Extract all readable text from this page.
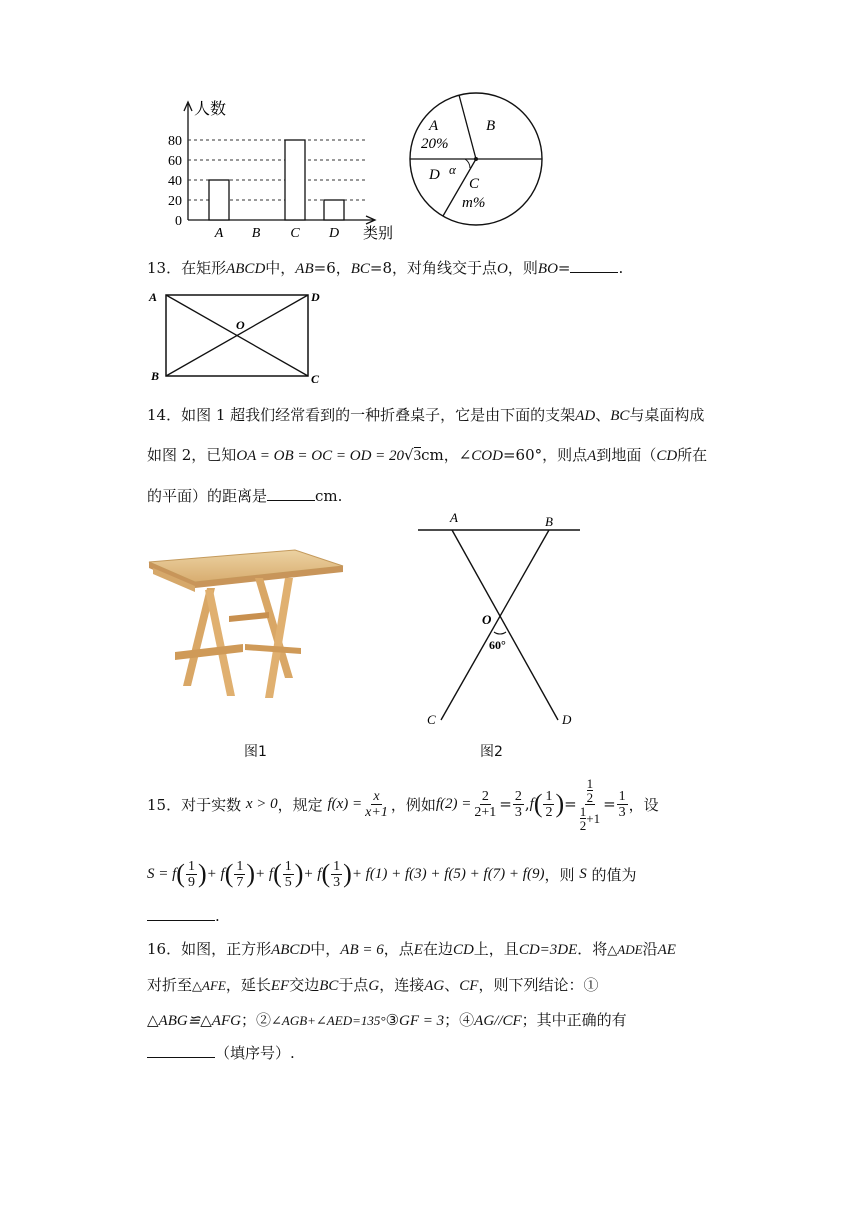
0
20
40
60
80
A B C D
人数
类别
A
20%
B
D α
C
m%
13．在矩形ABCD中，AB=6，BC=8，对角线交于点O，则BO=	.
A	D
B	C
O
14．如图 1 超我们经常看到的一种折叠桌子，它是由下面的支架AD、BC与桌面构成
如图 2，已知OA = OB = OC = OD = 20√3cm，∠COD=60°，则点A到地面（CD所在
的平面）的距离是	cm.
A	B
O
60°
C	D
图1	图2
15． 对于实数
x > 0 ，规定
$f(x) = \frac{x}{x+1}$ ，例如 $f(2) = \frac{2}{2+1} = \frac{2}{3}$ , f ( $\frac{1}{2}$ ) = 1
2
1
$2 +1 = \frac{1}{3}$ ，设
S = f ( $\frac{1}{9}$ ) + f ( $\frac{1}{7}$ ) + f ( $\frac{1}{5}$ ) + f ( $\frac{1}{3}$ ) + f(1) + f(3) + f(5) + f(7) + f(9) ，则
S
的值为
.
16．如图，正方形ABCD中，AB = 6，点E在边CD上，且CD=3DE．将△ADE沿AE
对折至△AFE，延长EF交边BC于点G，连接AG、CF，则下列结论：①
△ABG≌△AFG；②∠AGB+∠AED=135°③GF = 3；④AG//CF；其中正确的有
（填序号）.
